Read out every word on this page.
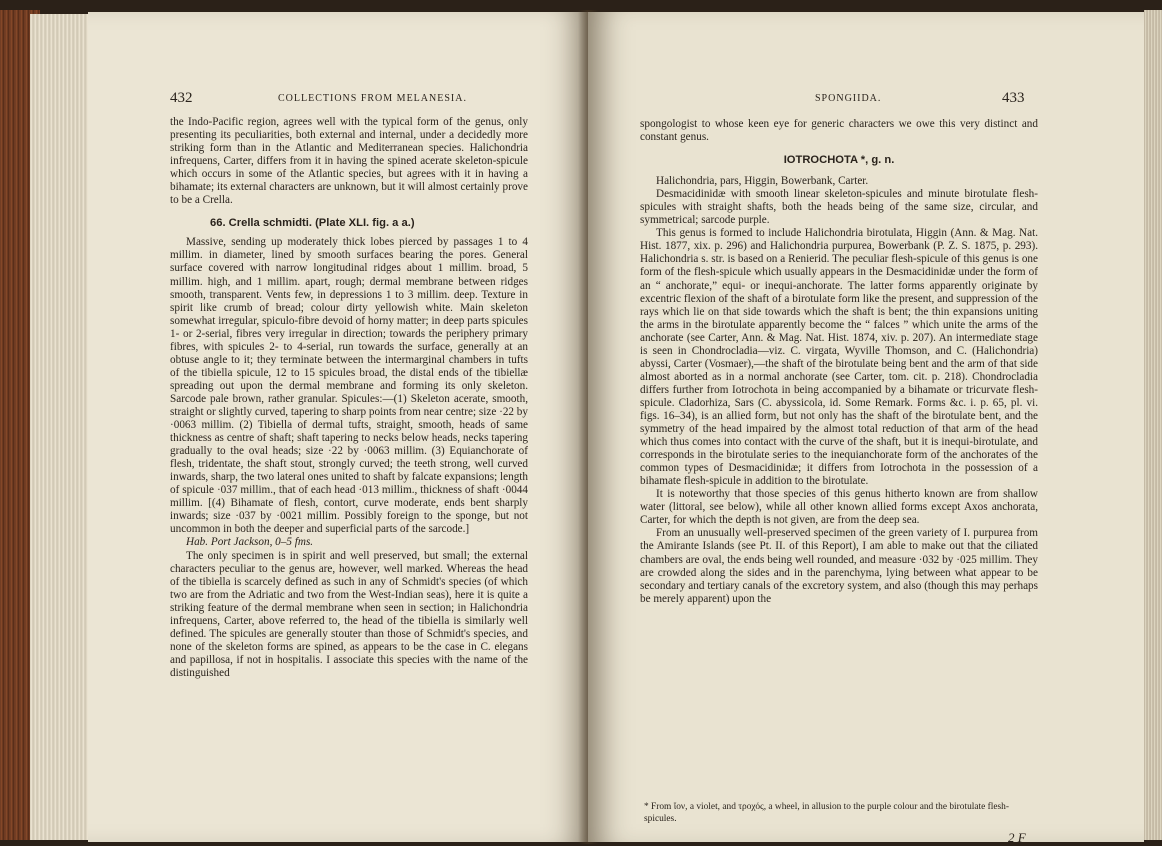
432	COLLECTIONS FROM MELANESIA.

the Indo-Pacific region, agrees well with the typical form of the genus, only presenting its peculiarities, both external and internal, under a decidedly more striking form than in the Atlantic and Mediterranean species. Halichondria infrequens, Carter, differs from it in having the spined acerate skeleton-spicule which occurs in some of the Atlantic species, but agrees with it in having a bihamate; its external characters are unknown, but it will almost certainly prove to be a Crella.

66. Crella schmidti. (Plate XLI. fig. a a.)

Massive, sending up moderately thick lobes pierced by passages 1 to 4 millim. in diameter, lined by smooth surfaces bearing the pores. General surface covered with narrow longitudinal ridges about 1 millim. broad, 5 millim. high, and 1 millim. apart, rough; dermal membrane between ridges smooth, transparent. Vents few, in depressions 1 to 3 millim. deep. Texture in spirit like crumb of bread; colour dirty yellowish white. Main skeleton somewhat irregular, spiculo-fibre devoid of horny matter; in deep parts spicules 1- or 2-serial, fibres very irregular in direction; towards the periphery primary fibres, with spicules 2- to 4-serial, run towards the surface, generally at an obtuse angle to it; they terminate between the intermarginal chambers in tufts of the tibiella spicule, 12 to 15 spicules broad, the distal ends of the tibiellæ spreading out upon the dermal membrane and forming its only skeleton. Sarcode pale brown, rather granular. Spicules:—(1) Skeleton acerate, smooth, straight or slightly curved, tapering to sharp points from near centre; size ·22 by ·0063 millim. (2) Tibiella of dermal tufts, straight, smooth, heads of same thickness as centre of shaft; shaft tapering to necks below heads, necks tapering gradually to the oval heads; size ·22 by ·0063 millim. (3) Equianchorate of flesh, tridentate, the shaft stout, strongly curved; the teeth strong, well curved inwards, sharp, the two lateral ones united to shaft by falcate expansions; length of spicule ·037 millim., that of each head ·013 millim., thickness of shaft ·0044 millim. [(4) Bihamate of flesh, contort, curve moderate, ends bent sharply inwards; size ·037 by ·0021 millim. Possibly foreign to the sponge, but not uncommon in both the deeper and superficial parts of the sarcode.]

Hab. Port Jackson, 0–5 fms.

The only specimen is in spirit and well preserved, but small; the external characters peculiar to the genus are, however, well marked. Whereas the head of the tibiella is scarcely defined as such in any of Schmidt's species (of which two are from the Adriatic and two from the West-Indian seas), here it is quite a striking feature of the dermal membrane when seen in section; in Halichondria infrequens, Carter, above referred to, the head of the tibiella is similarly well defined. The spicules are generally stouter than those of Schmidt's species, and none of the skeleton forms are spined, as appears to be the case in C. elegans and papillosa, if not in hospitalis. I associate this species with the name of the distinguished

SPONGIIDA.	433

spongologist to whose keen eye for generic characters we owe this very distinct and constant genus.

IOTROCHOTA *, g. n.

Halichondria, pars, Higgin, Bowerbank, Carter.

Desmacidinidæ with smooth linear skeleton-spicules and minute birotulate flesh-spicules with straight shafts, both the heads being of the same size, circular, and symmetrical; sarcode purple.

This genus is formed to include Halichondria birotulata, Higgin (Ann. & Mag. Nat. Hist. 1877, xix. p. 296) and Halichondria purpurea, Bowerbank (P. Z. S. 1875, p. 293). Halichondria s. str. is based on a Renierid. The peculiar flesh-spicule of this genus is one form of the flesh-spicule which usually appears in the Desmacidinidæ under the form of an “ anchorate,” equi- or inequi-anchorate. The latter forms apparently originate by excentric flexion of the shaft of a birotulate form like the present, and suppression of the rays which lie on that side towards which the shaft is bent; the thin expansions uniting the arms in the birotulate apparently become the “ falces ” which unite the arms of the anchorate (see Carter, Ann. & Mag. Nat. Hist. 1874, xiv. p. 207). An intermediate stage is seen in Chondrocladia—viz. C. virgata, Wyville Thomson, and C. (Halichondria) abyssi, Carter (Vosmaer),—the shaft of the birotulate being bent and the arm of that side almost aborted as in a normal anchorate (see Carter, tom. cit. p. 218). Chondrocladia differs further from Iotrochota in being accompanied by a bihamate or tricurvate flesh-spicule. Cladorhiza, Sars (C. abyssicola, id. Some Remark. Forms &c. i. p. 65, pl. vi. figs. 16–34), is an allied form, but not only has the shaft of the birotulate bent, and the symmetry of the head impaired by the almost total reduction of that arm of the head which thus comes into contact with the curve of the shaft, but it is inequi-birotulate, and corresponds in the birotulate series to the inequianchorate form of the anchorates of the common types of Desmacidinidæ; it differs from Iotrochota in the possession of a bihamate flesh-spicule in addition to the birotulate.

It is noteworthy that those species of this genus hitherto known are from shallow water (littoral, see below), while all other known allied forms except Axos anchorata, Carter, for which the depth is not given, are from the deep sea.

From an unusually well-preserved specimen of the green variety of I. purpurea from the Amirante Islands (see Pt. II. of this Report), I am able to make out that the ciliated chambers are oval, the ends being well rounded, and measure ·032 by ·025 millim. They are crowded along the sides and in the parenchyma, lying between what appear to be secondary and tertiary canals of the excretory system, and also (though this may perhaps be merely apparent) upon the

* From ἴον, a violet, and τροχός, a wheel, in allusion to the purple colour and the birotulate flesh-spicules.
2 F
